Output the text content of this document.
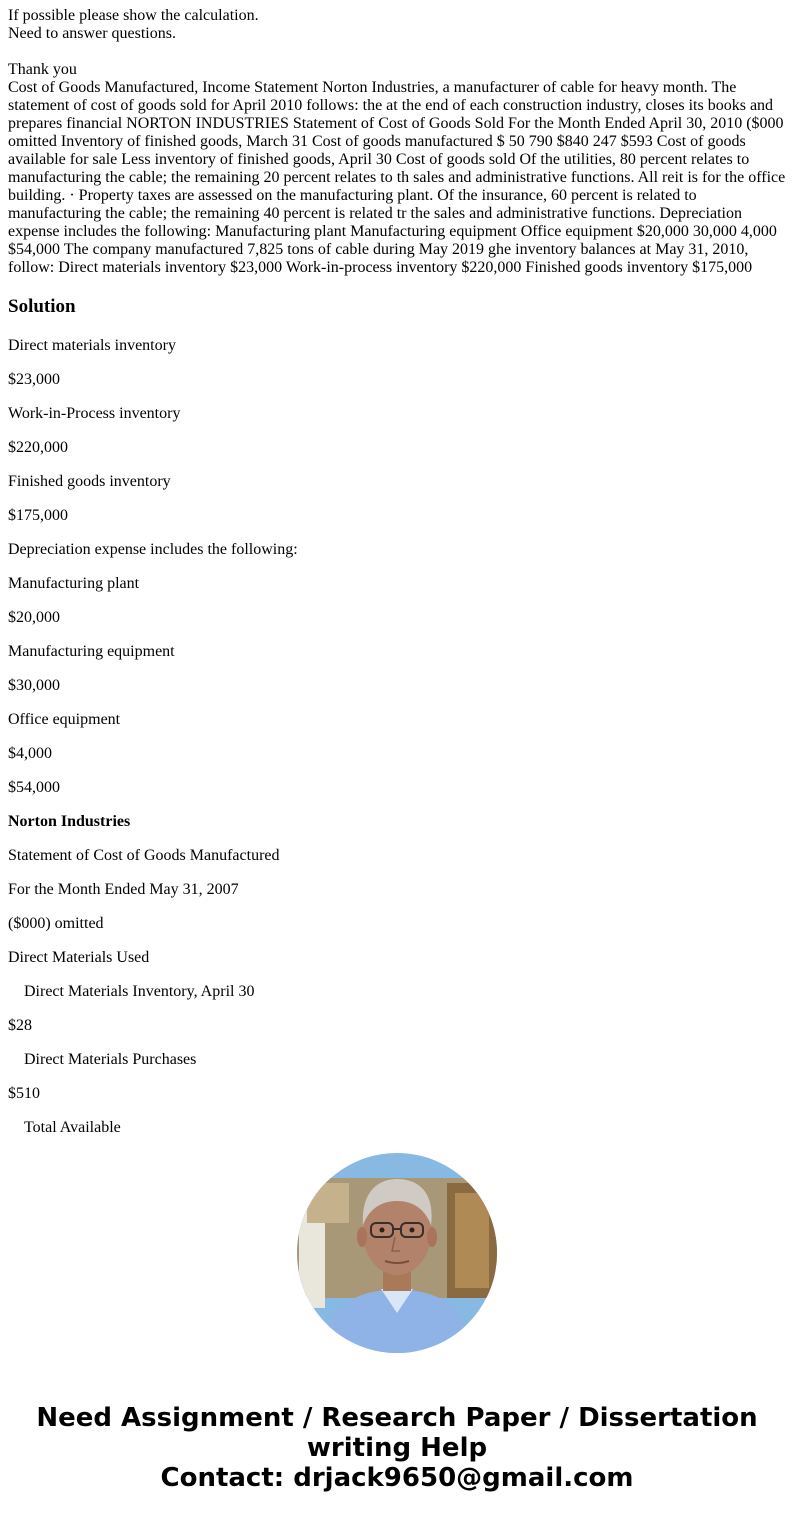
If possible please show the calculation.

Need to answer questions.

Thank you

Cost of Goods Manufactured, Income Statement Norton Industries, a manufacturer of cable for heavy month. The statement of cost of goods sold for April 2010 follows: the at the end of each construction industry, closes its books and prepares financial NORTON INDUSTRIES Statement of Cost of Goods Sold For the Month Ended April 30, 2010 ($000 omitted Inventory of finished goods, March 31 Cost of goods manufactured $ 50 790 $840 247 $593 Cost of goods available for sale Less inventory of finished goods, April 30 Cost of goods sold Of the utilities, 80 percent relates to manufacturing the cable; the remaining 20 percent relates to th sales and administrative functions. All reit is for the office building. · Property taxes are assessed on the manufacturing plant. Of the insurance, 60 percent is related to manufacturing the cable; the remaining 40 percent is related tr the sales and administrative functions. Depreciation expense includes the following: Manufacturing plant Manufacturing equipment Office equipment $20,000 30,000 4,000 $54,000 The company manufactured 7,825 tons of cable during May 2019 ghe inventory balances at May 31, 2010, follow: Direct materials inventory $23,000 Work-in-process inventory $220,000 Finished goods inventory $175,000

Solution

Direct materials inventory

$23,000

Work-in-Process inventory

$220,000

Finished goods inventory

$175,000

Depreciation expense includes the following:

Manufacturing plant

$20,000

Manufacturing equipment

$30,000

Office equipment

$4,000

$54,000

Norton Industries

Statement of Cost of Goods Manufactured

For the Month Ended May 31, 2007

($000) omitted

Direct Materials Used

Direct Materials Inventory, April 30

$28

Direct Materials Purchases

$510

Total Available

Need Assignment / Research Paper / Dissertation
writing Help
Contact: drjack9650@gmail.com
